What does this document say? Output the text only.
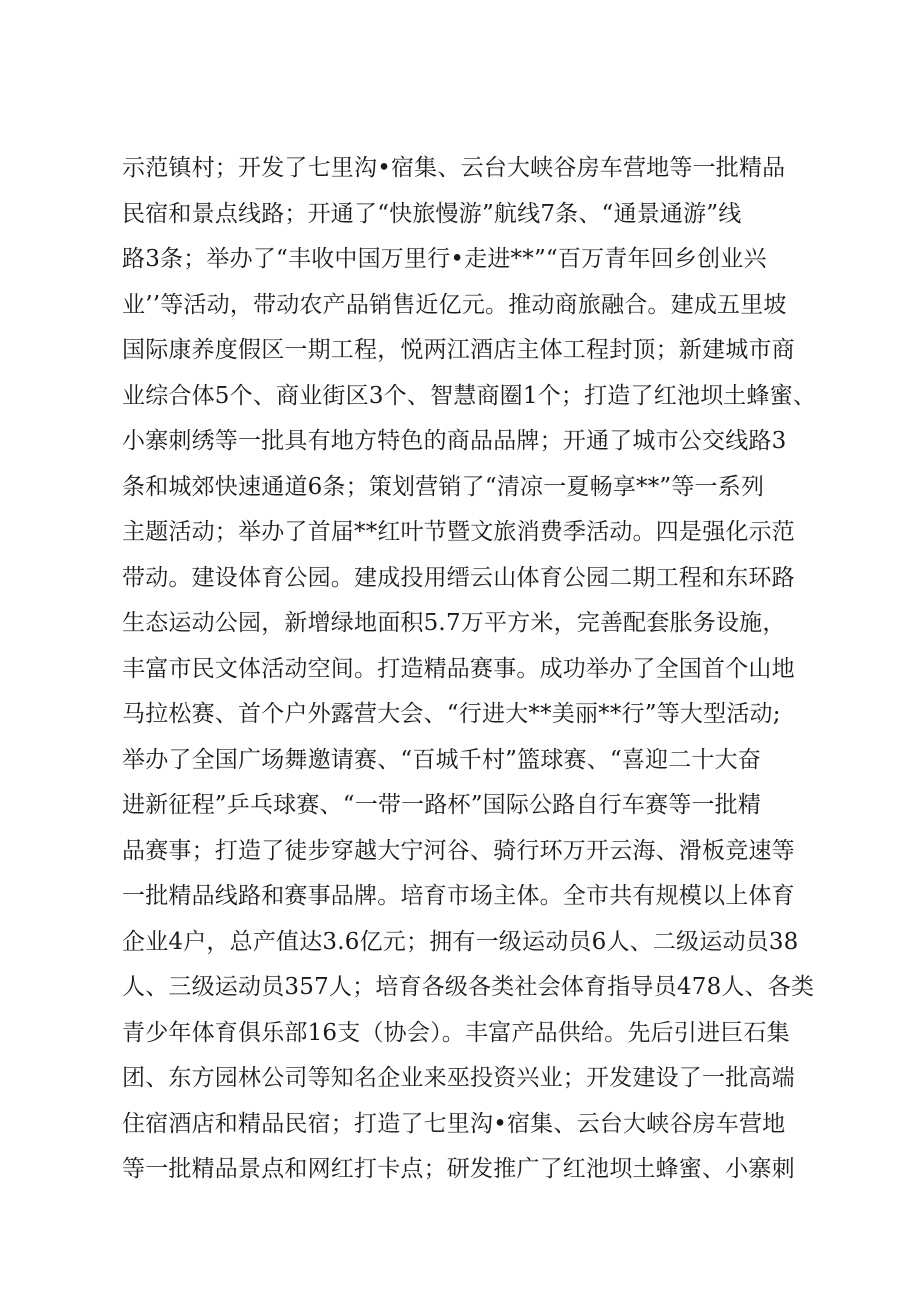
示范镇村；开发了七里沟•宿集、云台大峡谷房车营地等一批精品
民宿和景点线路；开通了“快旅慢游”航线7条、“通景通游”线
路3条；举办了“丰收中国万里行•走进**”“百万青年回乡创业兴
业’’等活动，带动农产品销售近亿元。推动商旅融合。建成五里坡
国际康养度假区一期工程，悦两江酒店主体工程封顶；新建城市商
业综合体5个、商业街区3个、智慧商圈1个；打造了红池坝土蜂蜜、
小寨刺绣等一批具有地方特色的商品品牌；开通了城市公交线路3
条和城郊快速通道6条；策划营销了“清凉一夏畅享**”等一系列
主题活动；举办了首届**红叶节暨文旅消费季活动。四是强化示范
带动。建设体育公园。建成投用缙云山体育公园二期工程和东环路
生态运动公园，新增绿地面积5.7万平方米，完善配套胀务设施，
丰富市民文体活动空间。打造精品赛事。成功举办了全国首个山地
马拉松赛、首个户外露营大会、“行进大**美丽**行”等大型活动;
举办了全国广场舞邀请赛、“百城千村”篮球赛、“喜迎二十大奋
进新征程”乒乓球赛、“一带一路杯”国际公路自行车赛等一批精
品赛事；打造了徒步穿越大宁河谷、骑行环万开云海、滑板竞速等
一批精品线路和赛事品牌。培育市场主体。全市共有规模以上体育
企业4户，总产值达3.6亿元；拥有一级运动员6人、二级运动员38
人、三级运动员357人；培育各级各类社会体育指导员478人、各类
青少年体育俱乐部16支（协会）。丰富产品供给。先后引进巨石集
团、东方园林公司等知名企业来巫投资兴业；开发建设了一批高端
住宿酒店和精品民宿；打造了七里沟•宿集、云台大峡谷房车营地
等一批精品景点和网红打卡点；研发推广了红池坝土蜂蜜、小寨刺
